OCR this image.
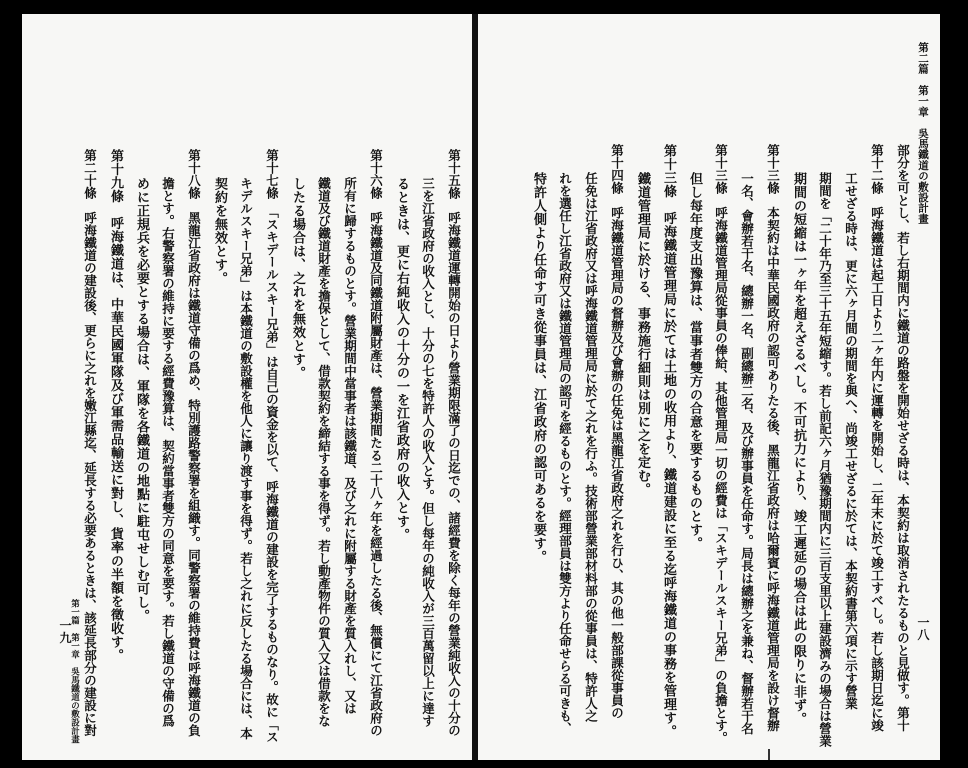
第一篇　第一章　吳馬鐵道の敷設計畫	第十五條　呼海鐵道運轉開始の日より營業期限滿了の日迄での、諸經費を除く每年の營業純收入の十分の
三を江省政府の收入とし、十分の七を特許人の收入とす。但し每年の純收入が三百萬留以上に達す
るときは、更に右純收入の十分の一を江省政府の收入とす。
第十六條　呼海鐵道及同鐵道附屬財產は、營業期間たる二十八ヶ年を經過したる後、無償にて江省政府の
所有に歸するものとす。營業期間中當事者は該鐵道、及び之れに附屬する財產を質入れし、又は
鐵道及び鐵道財產を擔保として、借款契約を締結する事を得ず。若し動產物件の質入又は借款をな
したる場合は、之れを無效とす。
第十七條　「スキデールスキー兄弟」は自己の資金を以て、呼海鐵道の建設を完了するものなり。故に「ス
キデルスキー兄弟」は本鐵道の敷設權を他人に讓り渡す事を得ず。若し之れに反したる場合には、本
契約を無效とす。
第十八條　黑龍江省政府は鐵道守備の爲め、特別護路警察署を組織す。同警察署の維持費は呼海鐵道の負
擔とす。右警察署の維持に要する經費豫算は、契約當事者雙方の同意を要す。若し鐵道の守備の爲
めに正規兵を必要とする場合は、軍隊を各鐵道の地點に駐屯せしむ可し。
第十九條　呼海鐵道は、中華民國軍隊及び軍需品輸送に對し、貨率の半額を徵收す。
第二十條　呼海鐵道の建設後、更らに之れを嫩江縣迄、延長する必要あるときは、該延長部分の建設に對
一九
第二篇　第一章　吳馬鐵道の敷設計畫
一八
部分を可とし、若し右期間内に鐵道の路盤を開始せざる時は、本契約は取消されたるものと見做す。第十
第十二條　呼海鐵道は起工日より二ヶ年内に運轉を開始し、二年末に於て竣工すべし。若し該期日迄に竣
工せざる時は、更に六ヶ月間の期間を與へ、尚竣工せざるに於ては、本契約書第六項に示す營業
期間を「二十年乃至三十五年短縮す。若し前記六ヶ月猶豫期間内に三百支里以上建設濟みの場合は營業
期間の短縮は一ヶ年を超えざるべし。不可抗力により、竣工遲延の場合は此の限りに非ず。
第十三條　本契約は中華民國政府の認可ありたる後、黑龍江省政府は哈爾賓に呼海鐵道管理局を設け督辦
一名、會辦若干名、總辦一名、副總辦二名、及び辦事員を任命す。局長は總辦之を兼ね、督辦若干名
第十三條　呼海鐵道管理局從事員の俸給、其他管理局一切の經費は「スキデールスキー兄弟」の負擔とす。
但し每年度支出豫算は、當事者雙方の合意を要するものとす。
第十三條　呼海鐵道管理局に於ては土地の收用より、鐵道建設に至る迄呼海鐵道の事務を管理す。
鐵道管理局に於ける、事務施行細則は別に之を定む。
第十四條　呼海鐵道管理局の督辦及び會辦の任免は黑龍江省政府之れを行ひ、其の他一般部課從事員の
任免は江省政府又は呼海鐵道管理局に於て之れを行ふ。技術部營業部材料部の從事員は、特許人之
れを選任し江省政府又は鐵道管理局の認可を經るものとす。經理部員は雙方より任命せらる可きも、
特許人側より任命す可き從事員は、江省政府の認可あるを要す。
